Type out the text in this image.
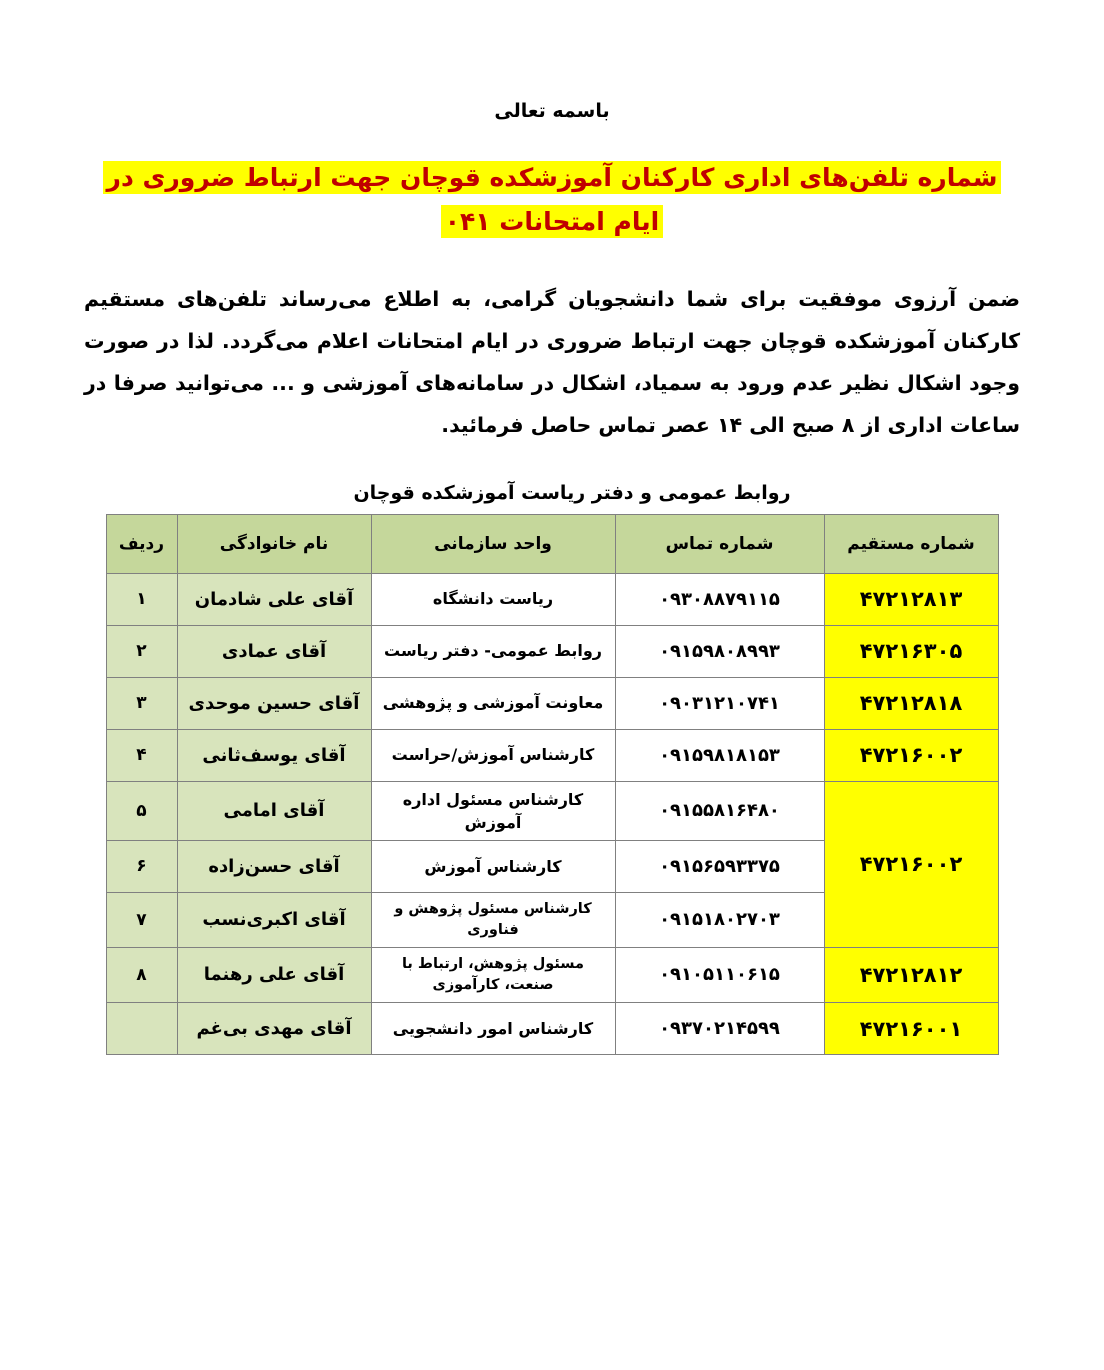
باسمه تعالی
شماره تلفن‌های اداری کارکنان آموزشکده قوچان جهت ارتباط ضروری در
ایام امتحانات ۰۴۱

ضمن آرزوی موفقیت برای شما دانشجویان گرامی، به اطلاع می‌رساند تلفن‌های مستقیم کارکنان آموزشکده قوچان جهت ارتباط ضروری در ایام امتحانات اعلام می‌گردد. لذا در صورت وجود اشکال نظیر عدم ورود به سمیاد، اشکال در سامانه‌های آموزشی و ... می‌توانید صرفا در ساعات اداری از ۸ صبح الی ۱۴ عصر تماس حاصل فرمائید.

روابط عمومی و دفتر ریاست آموزشکده قوچان
شماره مستقیم	شماره تماس	واحد سازمانی	نام خانوادگی	ردیف
۴۷۲۱۲۸۱۳	۰۹۳۰۸۸۷۹۱۱۵	ریاست دانشگاه	آقای علی شادمان	۱
۴۷۲۱۶۳۰۵	۰۹۱۵۹۸۰۸۹۹۳	روابط عمومی- دفتر ریاست	آقای عمادی	۲
۴۷۲۱۲۸۱۸	۰۹۰۳۱۲۱۰۷۴۱	معاونت آموزشی و پژوهشی	آقای حسین موحدی	۳
۴۷۲۱۶۰۰۲	۰۹۱۵۹۸۱۸۱۵۳	کارشناس آموزش/حراست	آقای یوسف‌ثانی	۴
۴۷۲۱۶۰۰۲	۰۹۱۵۵۸۱۶۴۸۰	کارشناس مسئول اداره آموزش	آقای امامی	۵
	۰۹۱۵۶۵۹۳۳۷۵	کارشناس آموزش	آقای حسن‌زاده	۶
	۰۹۱۵۱۸۰۲۷۰۳	کارشناس مسئول پژوهش و فناوری	آقای اکبری‌نسب	۷
۴۷۲۱۲۸۱۲	۰۹۱۰۵۱۱۰۶۱۵	مسئول پژوهش، ارتباط با صنعت، کارآموزی	آقای علی رهنما	۸
۴۷۲۱۶۰۰۱	۰۹۳۷۰۲۱۴۵۹۹	کارشناس امور دانشجویی	آقای مهدی بی‌غم	
